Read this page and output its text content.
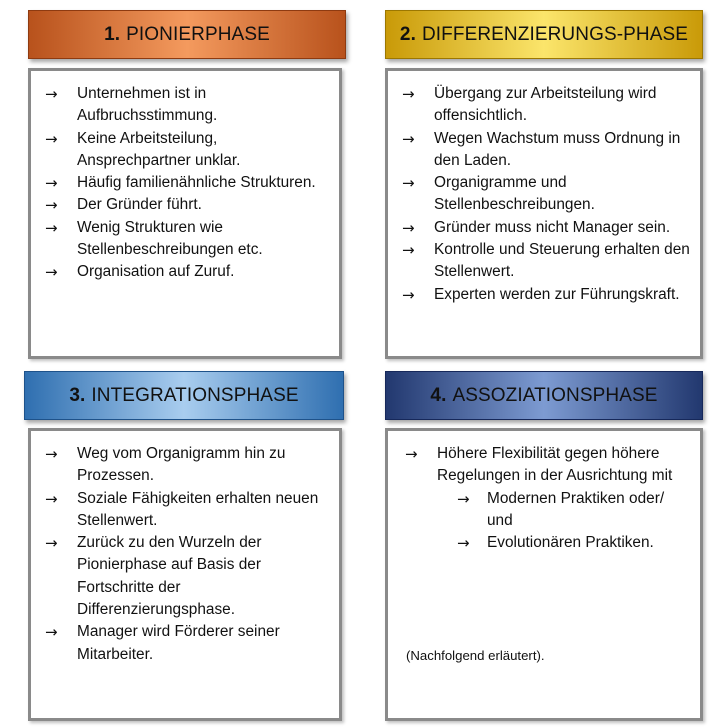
1. PIONIERPHASE
→ Unternehmen ist in Aufbruchsstimmung.
→ Keine Arbeitsteilung, Ansprechpartner unklar.
→ Häufig familienähnliche Strukturen.
→ Der Gründer führt.
→ Wenig Strukturen wie Stellenbeschreibungen etc.
→ Organisation auf Zuruf.
2. DIFFERENZIERUNGS-PHASE
→ Übergang zur Arbeitsteilung wird offensichtlich.
→ Wegen Wachstum muss Ordnung in den Laden.
→ Organigramme und Stellenbeschreibungen.
→ Gründer muss nicht Manager sein.
→ Kontrolle und Steuerung erhalten den Stellenwert.
→ Experten werden zur Führungskraft.
3. INTEGRATIONSPHASE
→ Weg vom Organigramm hin zu Prozessen.
→ Soziale Fähigkeiten erhalten neuen Stellenwert.
→ Zurück zu den Wurzeln der Pionierphase auf Basis der Fortschritte der Differenzierungsphase.
→ Manager wird Förderer seiner Mitarbeiter.
4. ASSOZIATIONSPHASE
→ Höhere Flexibilität gegen höhere Regelungen in der Ausrichtung mit
→ Modernen Praktiken oder/ und
→ Evolutionären Praktiken.
(Nachfolgend erläutert).
